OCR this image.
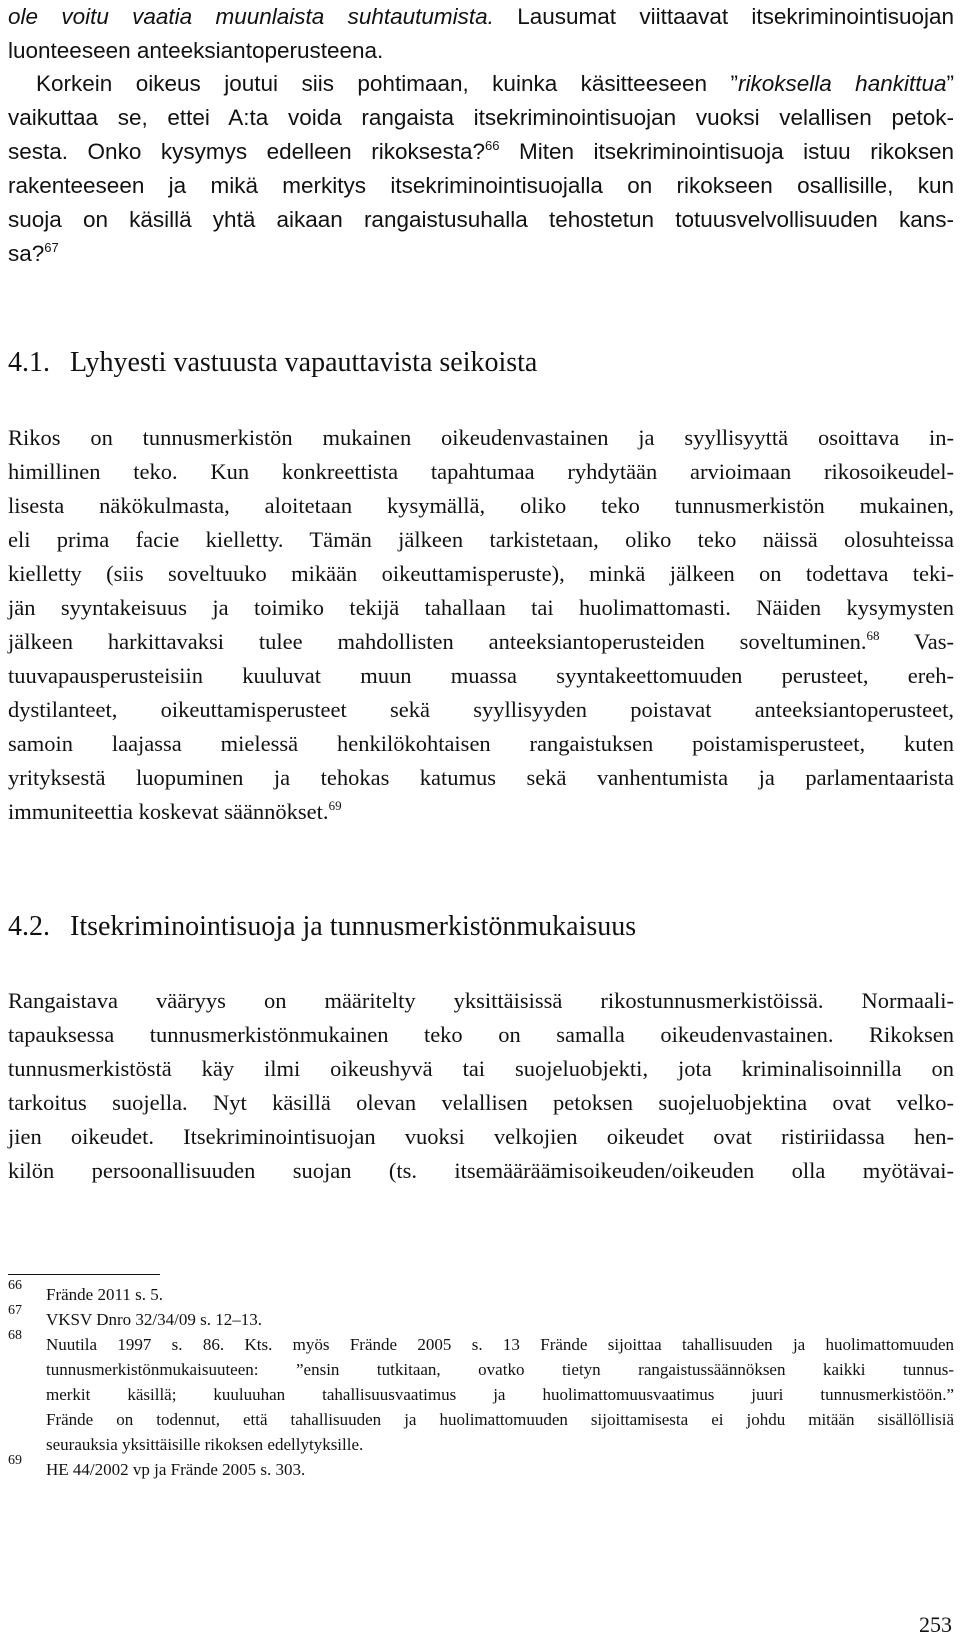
ole voitu vaatia muunlaista suhtautumista. Lausumat viittaavat itsekriminointisuojan
luonteeseen anteeksiantoperusteena.
Korkein oikeus joutui siis pohtimaan, kuinka käsitteeseen ”rikoksella hankittua”
vaikuttaa se, ettei A:ta voida rangaista itsekriminointisuojan vuoksi velallisen petok-
sesta. Onko kysymys edelleen rikoksesta?$^{66}$ Miten itsekriminointisuoja istuu rikoksen
rakenteeseen ja mikä merkitys itsekriminointisuojalla on rikokseen osallisille, kun
suoja on käsillä yhtä aikaan rangaistusuhalla tehostetun totuusvelvollisuuden kans-
sa?$^{67}$
4.1. Lyhyesti vastuusta vapauttavista seikoista
Rikos on tunnusmerkistön mukainen oikeudenvastainen ja syyllisyyttä osoittava in-
himillinen teko. Kun konkreettista tapahtumaa ryhdytään arvioimaan rikosoikeudel-
lisesta näkökulmasta, aloitetaan kysymällä, oliko teko tunnusmerkistön mukainen,
eli prima facie kielletty. Tämän jälkeen tarkistetaan, oliko teko näissä olosuhteissa
kielletty (siis soveltuuko mikään oikeuttamisperuste), minkä jälkeen on todettava teki-
jän syyntakeisuus ja toimiko tekijä tahallaan tai huolimattomasti. Näiden kysymysten
jälkeen harkittavaksi tulee mahdollisten anteeksiantoperusteiden soveltuminen.$^{68}$ Vas-
tuuvapausperusteisiin kuuluvat muun muassa syyntakeettomuuden perusteet, ereh-
dystilanteet, oikeuttamisperusteet sekä syyllisyyden poistavat anteeksiantoperusteet,
samoin laajassa mielessä henkilökohtaisen rangaistuksen poistamisperusteet, kuten
yrityksestä luopuminen ja tehokas katumus sekä vanhentumista ja parlamentaarista
immuniteettia koskevat säännökset.$^{69}$
4.2. Itsekriminointisuoja ja tunnusmerkistönmukaisuus
Rangaistava vääryys on määritelty yksittäisissä rikostunnusmerkistöissä. Normaali-
tapauksessa tunnusmerkistönmukainen teko on samalla oikeudenvastainen. Rikoksen
tunnusmerkistöstä käy ilmi oikeushyvä tai suojeluobjekti, jota kriminalisoinnilla on
tarkoitus suojella. Nyt käsillä olevan velallisen petoksen suojeluobjektina ovat velko-
jien oikeudet. Itsekriminointisuojan vuoksi velkojien oikeudet ovat ristiriidassa hen-
kilön persoonallisuuden suojan (ts. itsemääräämisoikeuden/oikeuden olla myötävai-
66 Frände 2011 s. 5.
67 VKSV Dnro 32/34/09 s. 12–13.
68 Nuutila 1997 s. 86. Kts. myös Frände 2005 s. 13 Frände sijoittaa tahallisuuden ja huolimattomuuden
tunnusmerkistönmukaisuuteen: ”ensin tutkitaan, ovatko tietyn rangaistussäännöksen kaikki tunnus-
merkit käsillä; kuuluuhan tahallisuusvaatimus ja huolimattomuusvaatimus juuri tunnusmerkistöön.”
Frände on todennut, että tahallisuuden ja huolimattomuuden sijoittamisesta ei johdu mitään sisällöllisiä
seurauksia yksittäisille rikoksen edellytyksille.
69 HE 44/2002 vp ja Frände 2005 s. 303.
253
